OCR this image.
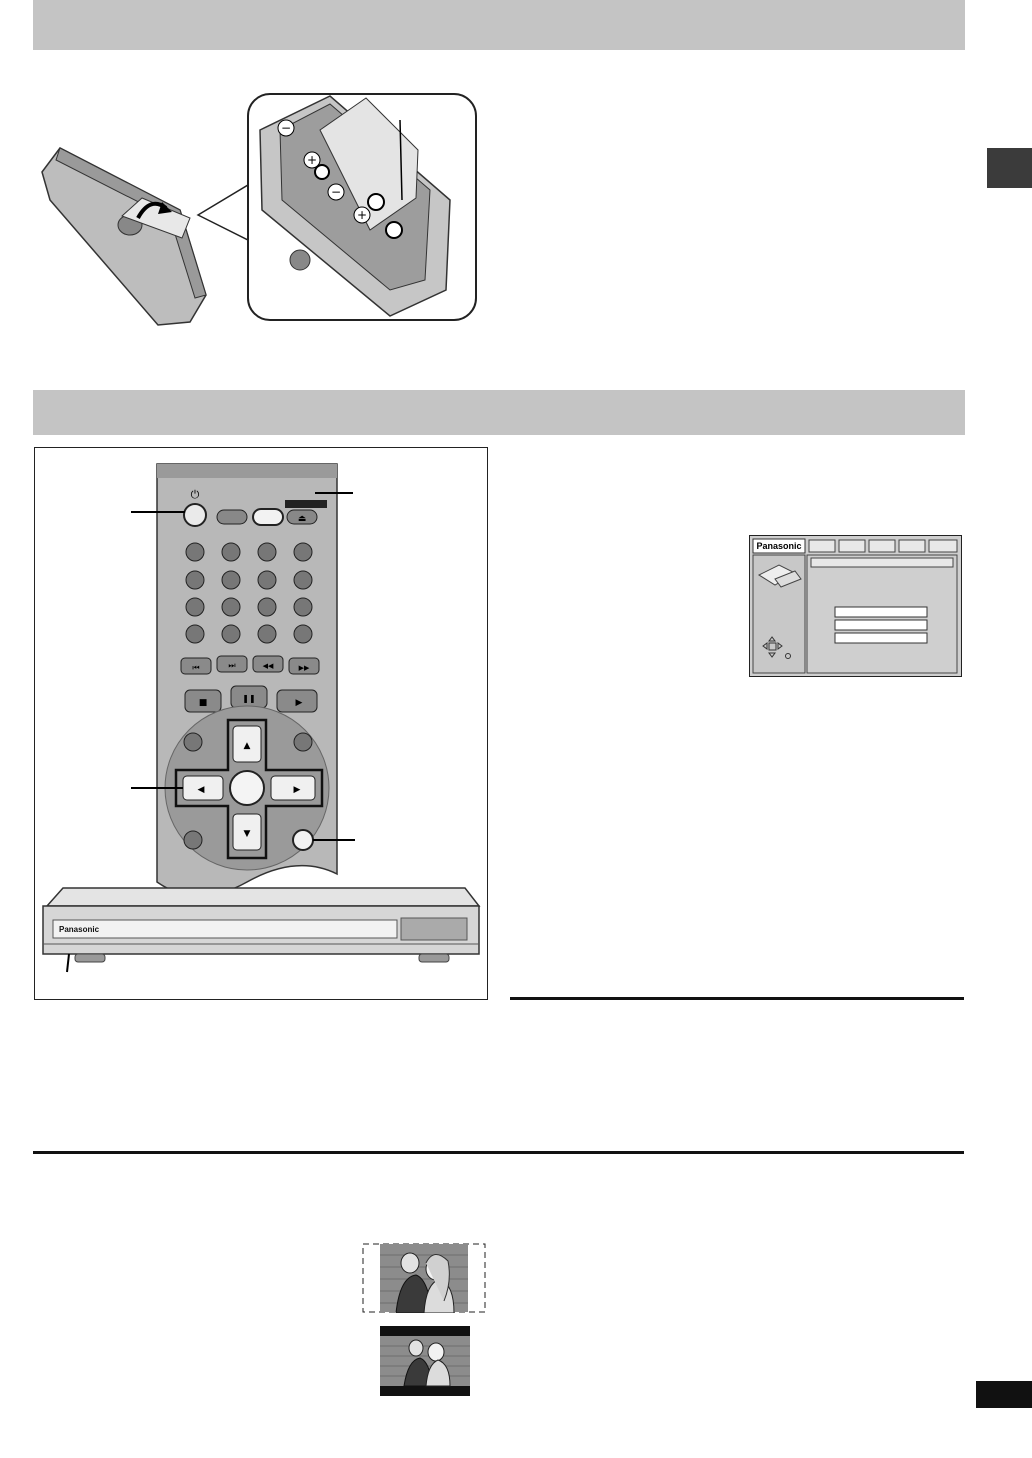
−
+
−
+
⏻
⏏
⏮	⏭	◀◀	▶▶
■	❚❚	▶
▲
▼
◀	▶
Panasonic
Panasonic
